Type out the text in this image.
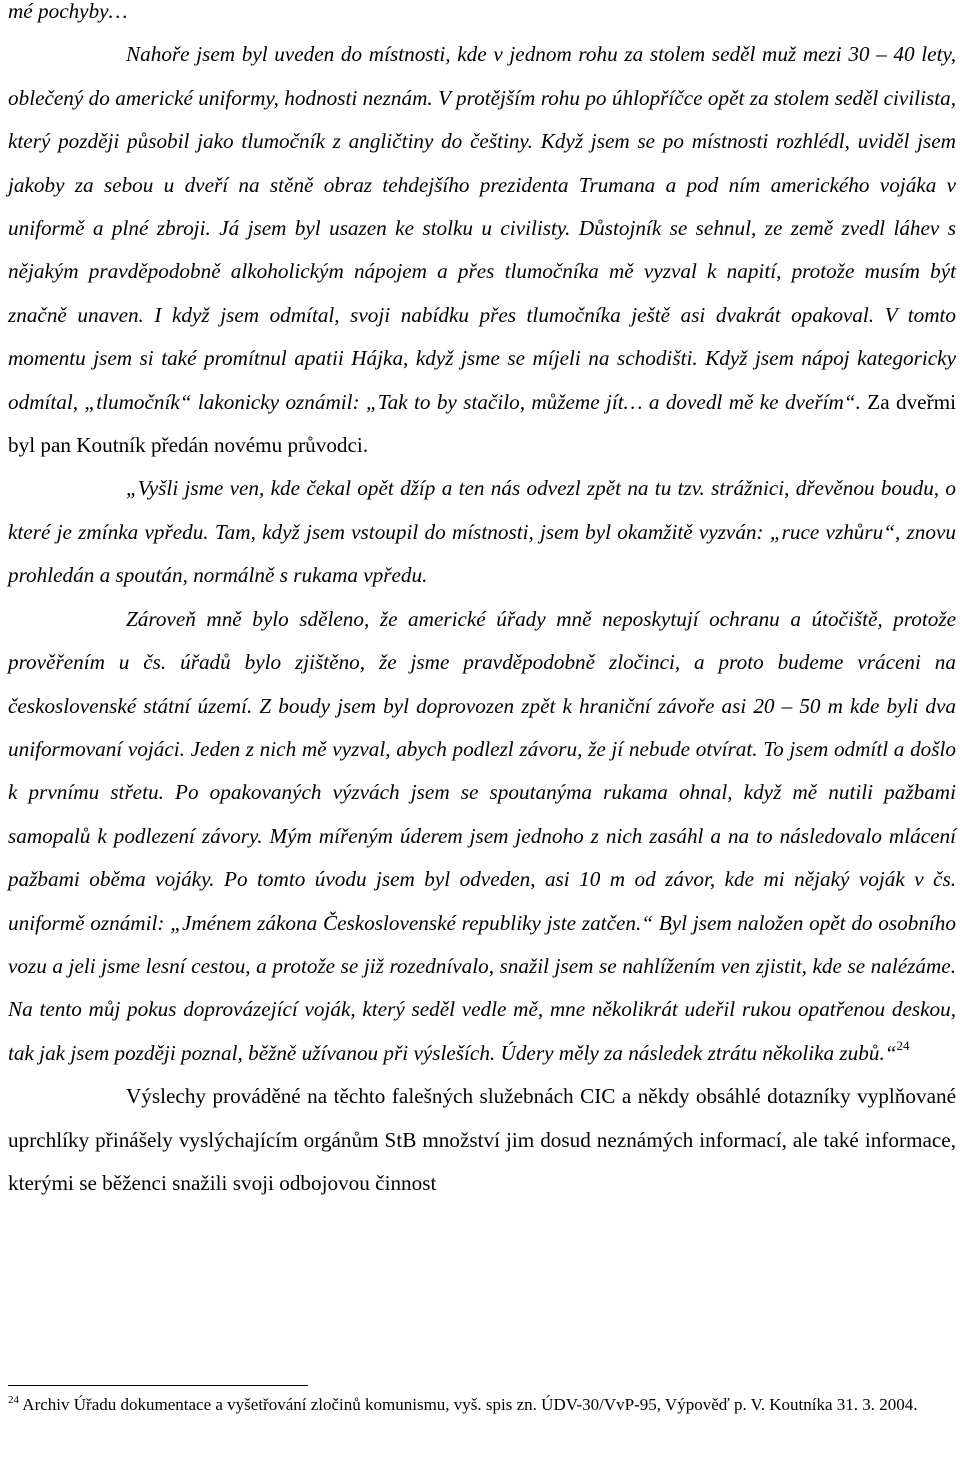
mé pochyby…

Nahoře jsem byl uveden do místnosti, kde v jednom rohu za stolem seděl muž mezi 30 – 40 lety, oblečený do americké uniformy, hodnosti neznám. V protějším rohu po úhlopříčce opět za stolem seděl civilista, který později působil jako tlumočník z angličtiny do češtiny. Když jsem se po místnosti rozhlédl, uviděl jsem jakoby za sebou u dveří na stěně obraz tehdejšího prezidenta Trumana a pod ním amerického vojáka v uniformě a plné zbroji. Já jsem byl usazen ke stolku u civilisty. Důstojník se sehnul, ze země zvedl láhev s nějakým pravděpodobně alkoholickým nápojem a přes tlumočníka mě vyzval k napití, protože musím být značně unaven. I když jsem odmítal, svoji nabídku přes tlumočníka ještě asi dvakrát opakoval. V tomto momentu jsem si také promítnul apatii Hájka, když jsme se míjeli na schodišti. Když jsem nápoj kategoricky odmítal, „tlumočník“ lakonicky oznámil: „Tak to by stačilo, můžeme jít… a dovedl mě ke dveřím“. Za dveřmi byl pan Koutník předán novému průvodci.

„Vyšli jsme ven, kde čekal opět džíp a ten nás odvezl zpět na tu tzv. strážnici, dřevěnou boudu, o které je zmínka vpředu. Tam, když jsem vstoupil do místnosti, jsem byl okamžitě vyzván: „ruce vzhůru“, znovu prohledán a spoután, normálně s rukama vpředu.

Zároveň mně bylo sděleno, že americké úřady mně neposkytují ochranu a útočiště, protože prověřením u čs. úřadů bylo zjištěno, že jsme pravděpodobně zločinci, a proto budeme vráceni na československé státní území. Z boudy jsem byl doprovozen zpět k hraniční závoře asi 20 – 50 m kde byli dva uniformovaní vojáci. Jeden z nich mě vyzval, abych podlezl závoru, že jí nebude otvírat. To jsem odmítl a došlo k prvnímu střetu. Po opakovaných výzvách jsem se spoutanýma rukama ohnal, když mě nutili pažbami samopalů k podlezení závory. Mým mířeným úderem jsem jednoho z nich zasáhl a na to následovalo mlácení pažbami oběma vojáky. Po tomto úvodu jsem byl odveden, asi 10 m od závor, kde mi nějaký voják v čs. uniformě oznámil: „Jménem zákona Československé republiky jste zatčen.“ Byl jsem naložen opět do osobního vozu a jeli jsme lesní cestou, a protože se již rozednívalo, snažil jsem se nahlížením ven zjistit, kde se nalézáme. Na tento můj pokus doprovázející voják, který seděl vedle mě, mne několikrát udeřil rukou opatřenou deskou, tak jak jsem později poznal, běžně užívanou při výsleších. Údery měly za následek ztrátu několika zubů.“$^{24}$

Výslechy prováděné na těchto falešných služebnách CIC a někdy obsáhlé dotazníky vyplňované uprchlíky přinášely vyslýchajícím orgánům StB množství jim dosud neznámých informací, ale také informace, kterými se běženci snažili svoji odbojovou činnost

$^{24}$ Archiv Úřadu dokumentace a vyšetřování zločinů komunismu, vyš. spis zn. ÚDV-30/VvP-95, Výpověď p. V. Koutníka 31. 3. 2004.
